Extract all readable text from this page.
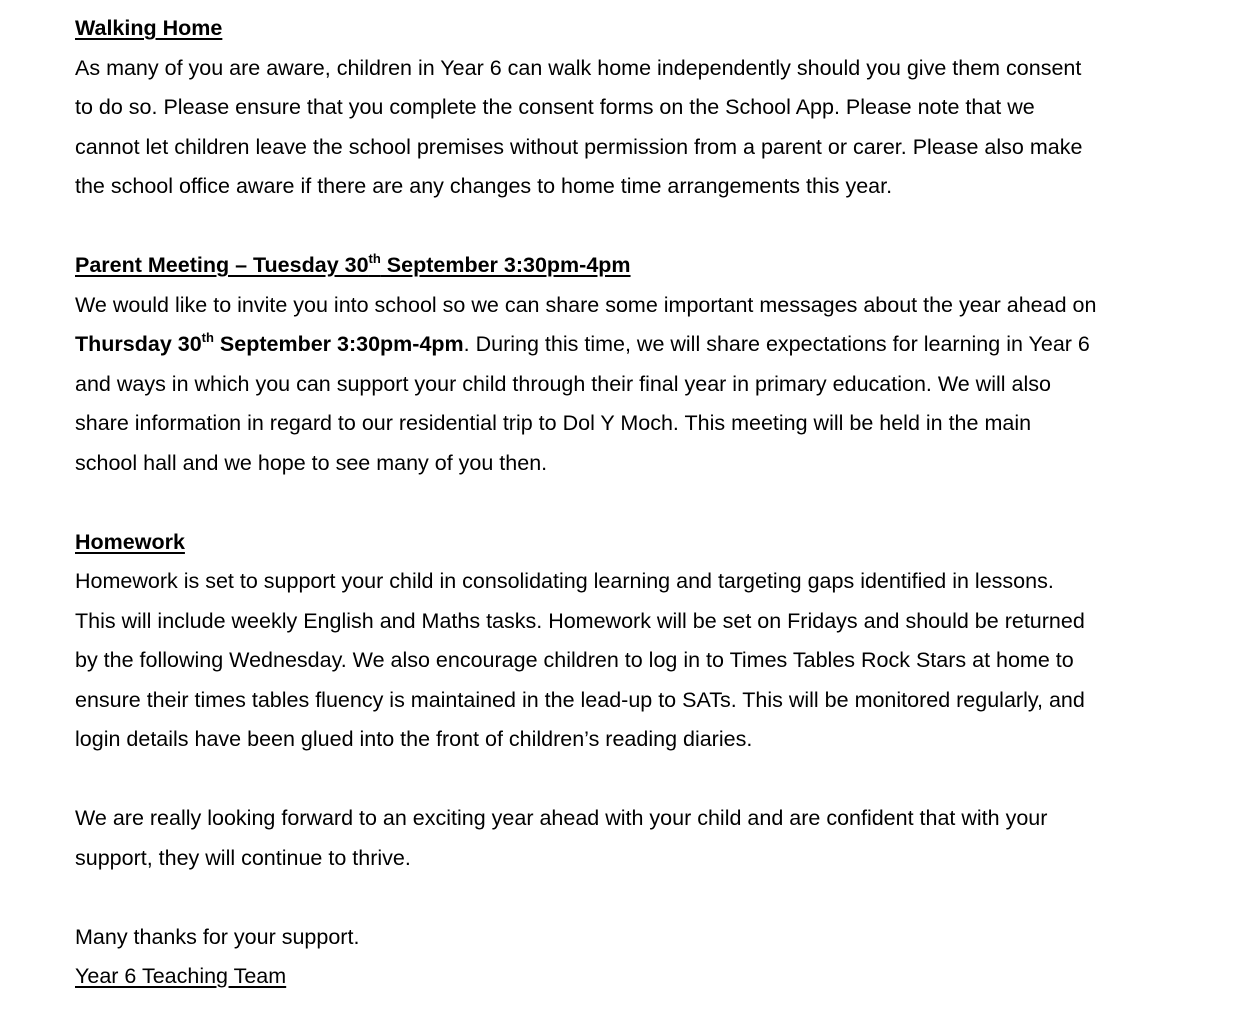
Walking Home
As many of you are aware, children in Year 6 can walk home independently should you give them consent
to do so. Please ensure that you complete the consent forms on the School App. Please note that we
cannot let children leave the school premises without permission from a parent or carer. Please also make
the school office aware if there are any changes to home time arrangements this year.
Parent Meeting – Tuesday 30th September 3:30pm-4pm
We would like to invite you into school so we can share some important messages about the year ahead on
Thursday 30th September 3:30pm-4pm. During this time, we will share expectations for learning in Year 6
and ways in which you can support your child through their final year in primary education. We will also
share information in regard to our residential trip to Dol Y Moch. This meeting will be held in the main
school hall and we hope to see many of you then.
Homework
Homework is set to support your child in consolidating learning and targeting gaps identified in lessons.
This will include weekly English and Maths tasks. Homework will be set on Fridays and should be returned
by the following Wednesday. We also encourage children to log in to Times Tables Rock Stars at home to
ensure their times tables fluency is maintained in the lead-up to SATs. This will be monitored regularly, and
login details have been glued into the front of children’s reading diaries.
We are really looking forward to an exciting year ahead with your child and are confident that with your
support, they will continue to thrive.
Many thanks for your support.
Year 6 Teaching Team
